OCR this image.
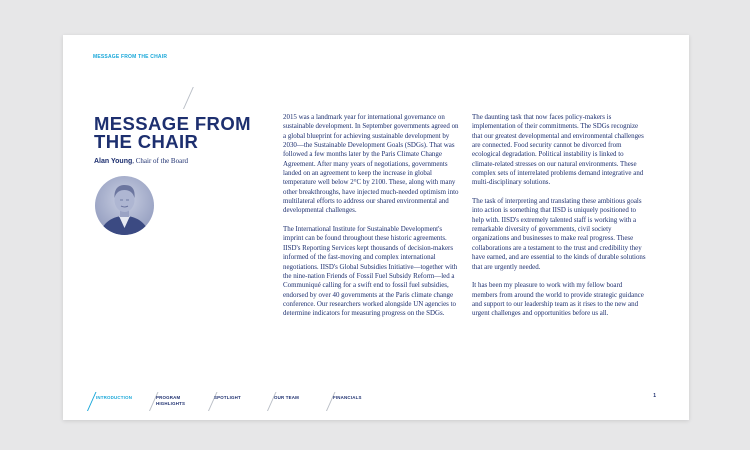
MESSAGE FROM THE CHAIR
MESSAGE FROM THE CHAIR
Alan Young, Chair of the Board

2015 was a landmark year for international governance on sustainable development. In September governments agreed on a global blueprint for achieving sustainable development by 2030—the Sustainable Development Goals (SDGs). That was followed a few months later by the Paris Climate Change Agreement. After many years of negotiations, governments landed on an agreement to keep the increase in global temperature well below 2°C by 2100. These, along with many other breakthroughs, have injected much-needed optimism into multilateral efforts to address our shared environmental and developmental challenges.

The International Institute for Sustainable Development's imprint can be found throughout these historic agreements. IISD's Reporting Services kept thousands of decision-makers informed of the fast-moving and complex international negotiations. IISD's Global Subsidies Initiative—together with the nine-nation Friends of Fossil Fuel Subsidy Reform—led a Communiqué calling for a swift end to fossil fuel subsidies, endorsed by over 40 governments at the Paris climate change conference. Our researchers worked alongside UN agencies to determine indicators for measuring progress on the SDGs.

The daunting task that now faces policy-makers is implementation of their commitments. The SDGs recognize that our greatest developmental and environmental challenges are connected. Food security cannot be divorced from ecological degradation. Political instability is linked to climate-related stresses on our natural environments. These complex sets of interrelated problems demand integrative and multi-disciplinary solutions.

The task of interpreting and translating these ambitious goals into action is something that IISD is uniquely positioned to help with. IISD's extremely talented staff is working with a remarkable diversity of governments, civil society organizations and businesses to make real progress. These collaborations are a testament to the trust and credibility they have earned, and are essential to the kinds of durable solutions that are urgently needed.

It has been my pleasure to work with my fellow board members from around the world to provide strategic guidance and support to our leadership team as it rises to the new and urgent challenges and opportunities before us all.

INTRODUCTION	PROGRAM
HIGHLIGHTS
SPOTLIGHT	OUR TEAM	FINANCIALS	1
